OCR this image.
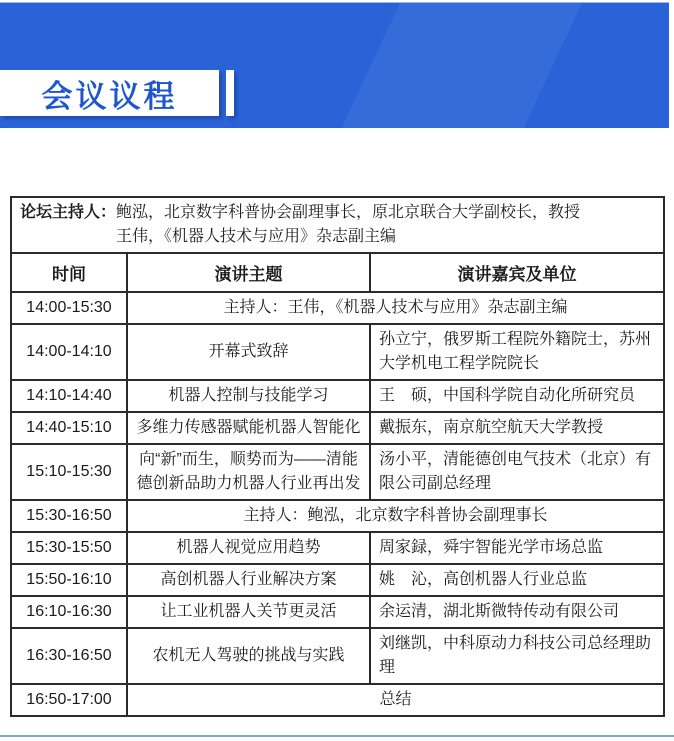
会议议程
论坛主持人：鲍泓，北京数字科普协会副理事长，原北京联合大学副校长，教授
王伟，《机器人技术与应用》杂志副主编		

时间	演讲主题	演讲嘉宾及单位
14:00-15:30	主持人：王伟，《机器人技术与应用》杂志副主编	
14:00-14:10	开幕式致辞	孙立宁，俄罗斯工程院外籍院士，苏州大学机电工程学院院长
14:10-14:40	机器人控制与技能学习	王　硕，中国科学院自动化所研究员
14:40-15:10	多维力传感器赋能机器人智能化	戴振东，南京航空航天大学教授
15:10-15:30	向“新”而生，顺势而为——清能德创新品助力机器人行业再出发	汤小平，清能德创电气技术（北京）有限公司副总经理
15:30-16:50	主持人：鲍泓，北京数字科普协会副理事长	
15:30-15:50	机器人视觉应用趋势	周家録，舜宇智能光学市场总监
15:50-16:10	高创机器人行业解决方案	姚　沁，高创机器人行业总监
16:10-16:30	让工业机器人关节更灵活	余运清，湖北斯微特传动有限公司
16:30-16:50	农机无人驾驶的挑战与实践	刘继凯，中科原动力科技公司总经理助理
16:50-17:00	总结	
